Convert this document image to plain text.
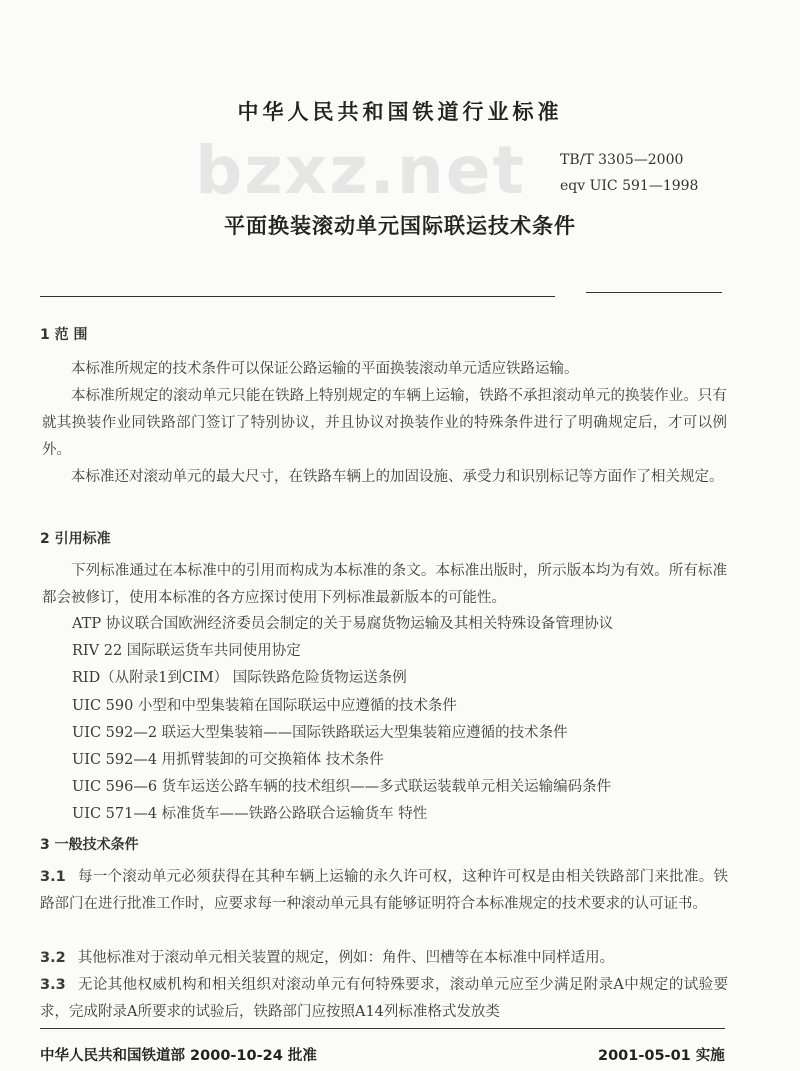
中华人民共和国铁道行业标准
bzxz.net TB/T 3305—2000
eqv UIC 591—1998
平面换装滚动单元国际联运技术条件
1 范 围
本标准所规定的技术条件可以保证公路运输的平面换装滚动单元适应铁路运输。
本标准所规定的滚动单元只能在铁路上特别规定的车辆上运输，铁路不承担滚动单元的换装作业。只有就其换装作业同铁路部门签订了特别协议，并且协议对换装作业的特殊条件进行了明确规定后，才可以例外。
本标准还对滚动单元的最大尺寸，在铁路车辆上的加固设施、承受力和识别标记等方面作了相关规定。
2 引用标准
下列标准通过在本标准中的引用而构成为本标准的条文。本标准出版时，所示版本均为有效。所有标准都会被修订，使用本标准的各方应探讨使用下列标准最新版本的可能性。
ATP 协议联合国欧洲经济委员会制定的关于易腐货物运输及其相关特殊设备管理协议
RIV 22 国际联运货车共同使用协定
RID（从附录1到CIM） 国际铁路危险货物运送条例
UIC 590 小型和中型集装箱在国际联运中应遵循的技术条件
UIC 592—2 联运大型集装箱——国际铁路联运大型集装箱应遵循的技术条件
UIC 592—4 用抓臂装卸的可交换箱体 技术条件
UIC 596—6 货车运送公路车辆的技术组织——多式联运装载单元相关运输编码条件
UIC 571—4 标准货车——铁路公路联合运输货车 特性
3 一般技术条件
3.1 每一个滚动单元必须获得在其种车辆上运输的永久许可权，这种许可权是由相关铁路部门来批准。铁路部门在进行批准工作时，应要求每一种滚动单元具有能够证明符合本标准规定的技术要求的认可证书。
3.2 其他标准对于滚动单元相关装置的规定，例如：角件、凹槽等在本标准中同样适用。
3.3 无论其他权威机构和相关组织对滚动单元有何特殊要求，滚动单元应至少满足附录A中规定的试验要求，完成附录A所要求的试验后，铁路部门应按照A14列标准格式发放类
中华人民共和国铁道部 2000-10-24 批准	2001-05-01 实施
